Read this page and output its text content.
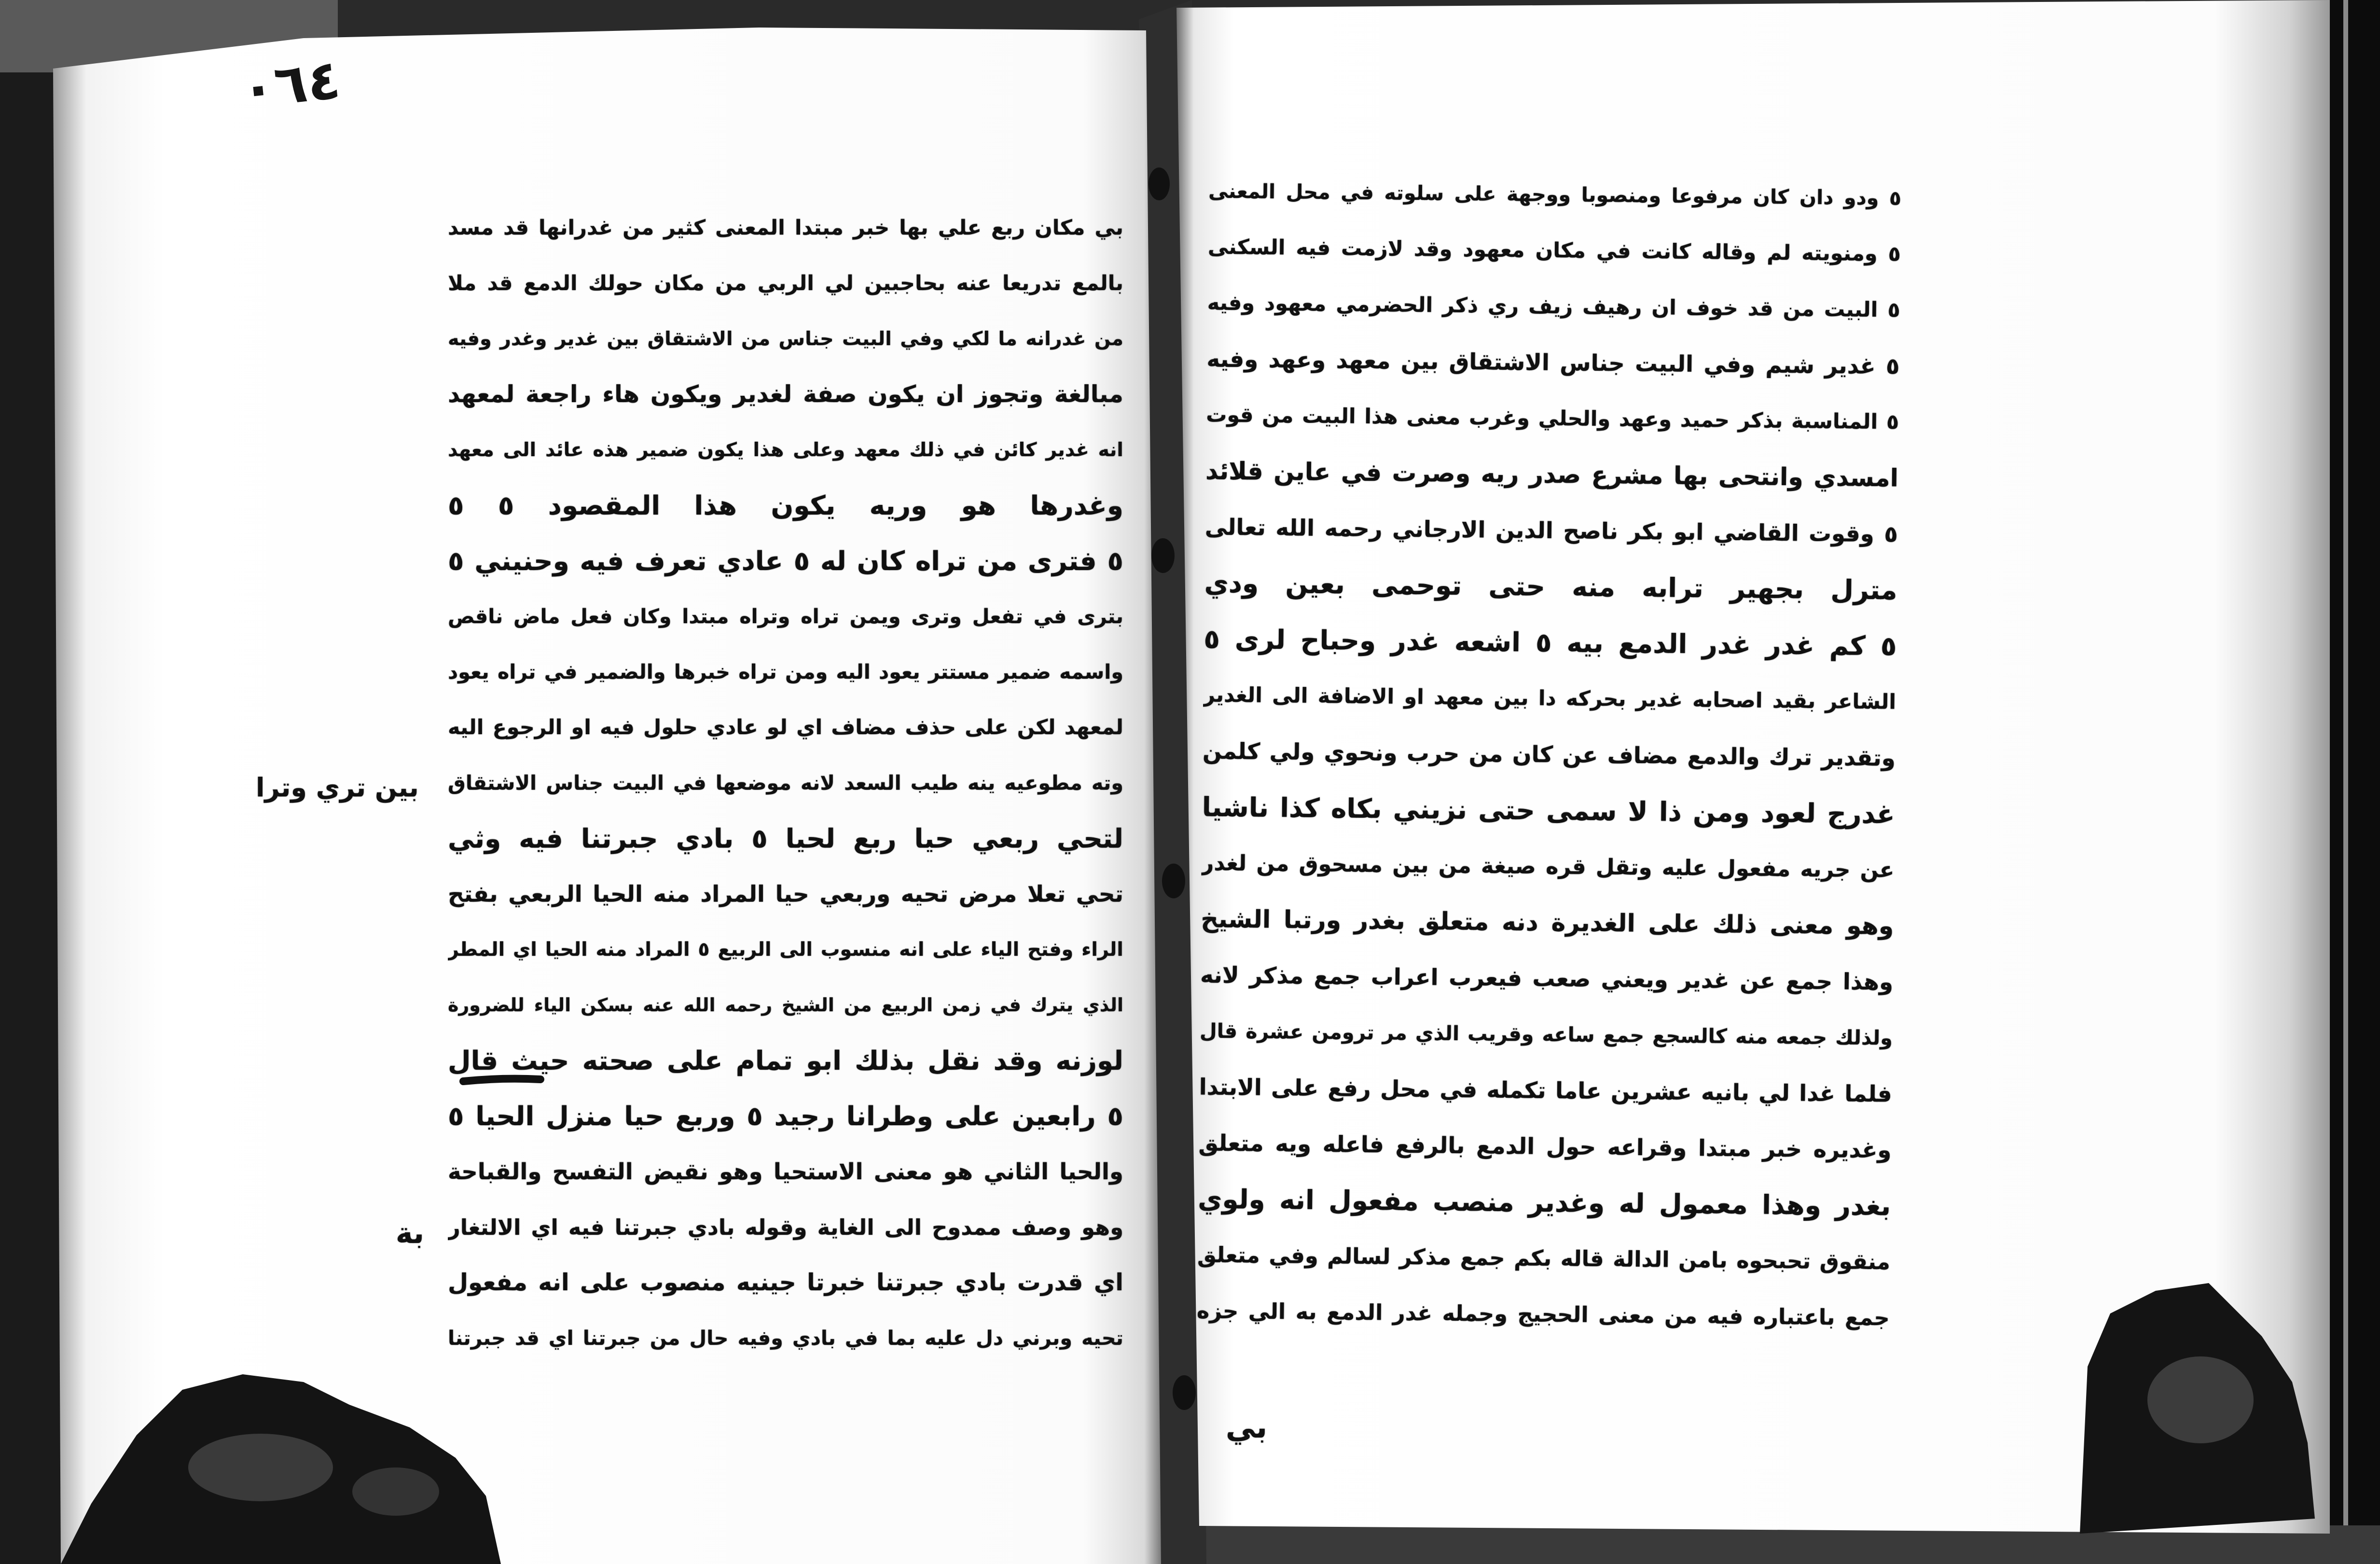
٠٦٤
بي مكان ربع علي بها خبر مبتدا المعنى كثير من غدرانها قد مسد
بالمع تدريعا عنه بحاجبين لي الربي من مكان حولك الدمع قد ملا
من غدرانه ما لكي وفي البيت جناس من الاشتقاق بين غدير وغدر وفيه
مبالغة وتجوز ان يكون صفة لغدير ويكون هاء راجعة لمعهد
انه غدير كائن في ذلك معهد وعلى هذا يكون ضمير هذه عائد الى معهد
وغدرها هو وريه يكون هذا المقصود ٥ ٥
٥ فترى من تراه كان له ٥ عادي تعرف فيه وحنيني ٥
بترى في تفعل وترى ويمن تراه وتراه مبتدا وكان فعل ماض ناقص
واسمه ضمير مستتر يعود اليه ومن تراه خبرها والضمير في تراه يعود
لمعهد لكن على حذف مضاف اي لو عادي حلول فيه او الرجوع اليه
وته مطوعيه ينه طيب السعد لانه موضعها في البيت جناس الاشتقاق
لتحي ربعي حيا ربع لحيا ٥ بادي جبرتنا فيه وثي
تحي تعلا مرض تحيه وربعي حيا المراد منه الحيا الربعي بفتح
الراء وفتح الياء على انه منسوب الى الربيع ٥ المراد منه الحيا اي المطر
الذي يترك في زمن الربيع من الشيخ رحمه الله عنه بسكن الياء للضرورة
لوزنه وقد نقل بذلك ابو تمام على صحته حيث قال
٥ رابعين على وطرانا رجيد ٥ وربع حيا منزل الحيا ٥
والحيا الثاني هو معنى الاستحيا وهو نقيض التفسح والقباحة
وهو وصف ممدوح الى الغاية وقوله بادي جبرتنا فيه اي الالتغار
اي قدرت بادي جبرتنا خبرتا جينيه منصوب على انه مفعول
تحيه وبرني دل عليه بما في بادي وفيه حال من جبرتنا اي قد جبرتنا
بين تري وترا
بة
٥ ودو دان كان مرفوعا ومنصوبا ووجهة على سلوته في محل المعنى
٥ ومنويته لم وقاله كانت في مكان معهود وقد لازمت فيه السكنى
٥ البيت من قد خوف ان رهيف زيف ري ذكر الحضرمي معهود وفيه
٥ غدير شيم وفي البيت جناس الاشتقاق بين معهد وعهد وفيه
٥ المناسبة بذكر حميد وعهد والحلي وغرب معنى هذا البيت من قوت
امسدي وانتحى بها مشرع صدر ريه وصرت في عاين قلائد
٥ وقوت القاضي ابو بكر ناصح الدين الارجاني رحمه الله تعالى
مترل بجهير ترابه منه حتى توحمى بعين ودي
٥ كم غدر غدر الدمع بيه ٥ اشعه غدر وحباح لرى ٥
الشاعر بقيد اصحابه غدير بحركه دا بين معهد او الاضافة الى الغدير
وتقدير ترك والدمع مضاف عن كان من حرب ونحوي ولي كلمن
غدرج لعود ومن ذا لا سمى حتى نزيني بكاه كذا ناشيا
عن جريه مفعول عليه وتقل قره صيغة من بين مسحوق من لغدر
وهو معنى ذلك على الغديرة دنه متعلق بغدر ورتبا الشيخ
وهذا جمع عن غدير ويعني صعب فيعرب اعراب جمع مذكر لانه
ولذلك جمعه منه كالسجع جمع ساعه وقريب الذي مر ترومن عشرة قال
فلما غدا لي بانيه عشرين عاما تكمله في محل رفع على الابتدا
وغديره خبر مبتدا وقراعه حول الدمع بالرفع فاعله ويه متعلق
بغدر وهذا معمول له وغدير منصب مفعول انه ولوي
منقوق تحبحوه بامن الدالة قاله بكم جمع مذكر لسالم وفي متعلق
جمع باعتباره فيه من معنى الحجيج وجمله غدر الدمع به الي جزه
بي
